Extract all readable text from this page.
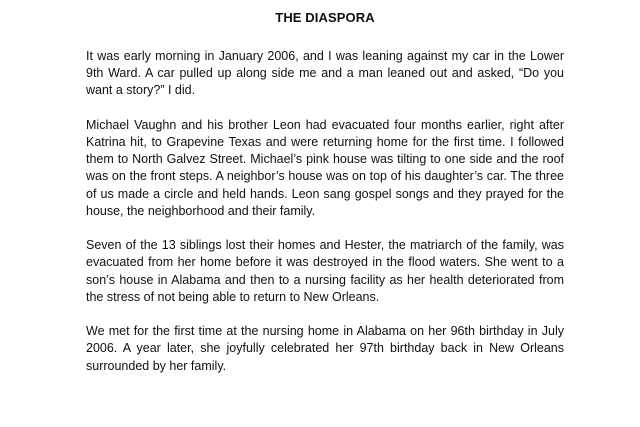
THE DIASPORA

It was early morning in January 2006, and I was leaning against my car in the Lower 9th Ward. A car pulled up along side me and a man leaned out and asked, “Do you want a story?” I did.

Michael Vaughn and his brother Leon had evacuated four months earlier, right after Katrina hit, to Grapevine Texas and were returning home for the first time. I followed them to North Galvez Street. Michael’s pink house was tilting to one side and the roof was on the front steps. A neighbor’s house was on top of his daughter’s car. The three of us made a circle and held hands. Leon sang gospel songs and they prayed for the house, the neighborhood and their family.

Seven of the 13 siblings lost their homes and Hester, the matriarch of the family, was evacuated from her home before it was destroyed in the flood waters. She went to a son’s house in Alabama and then to a nursing facility as her health deteriorated from the stress of not being able to return to New Orleans.

We met for the first time at the nursing home in Alabama on her 96th birthday in July 2006. A year later, she joyfully celebrated her 97th birthday back in New Orleans surrounded by her family.
